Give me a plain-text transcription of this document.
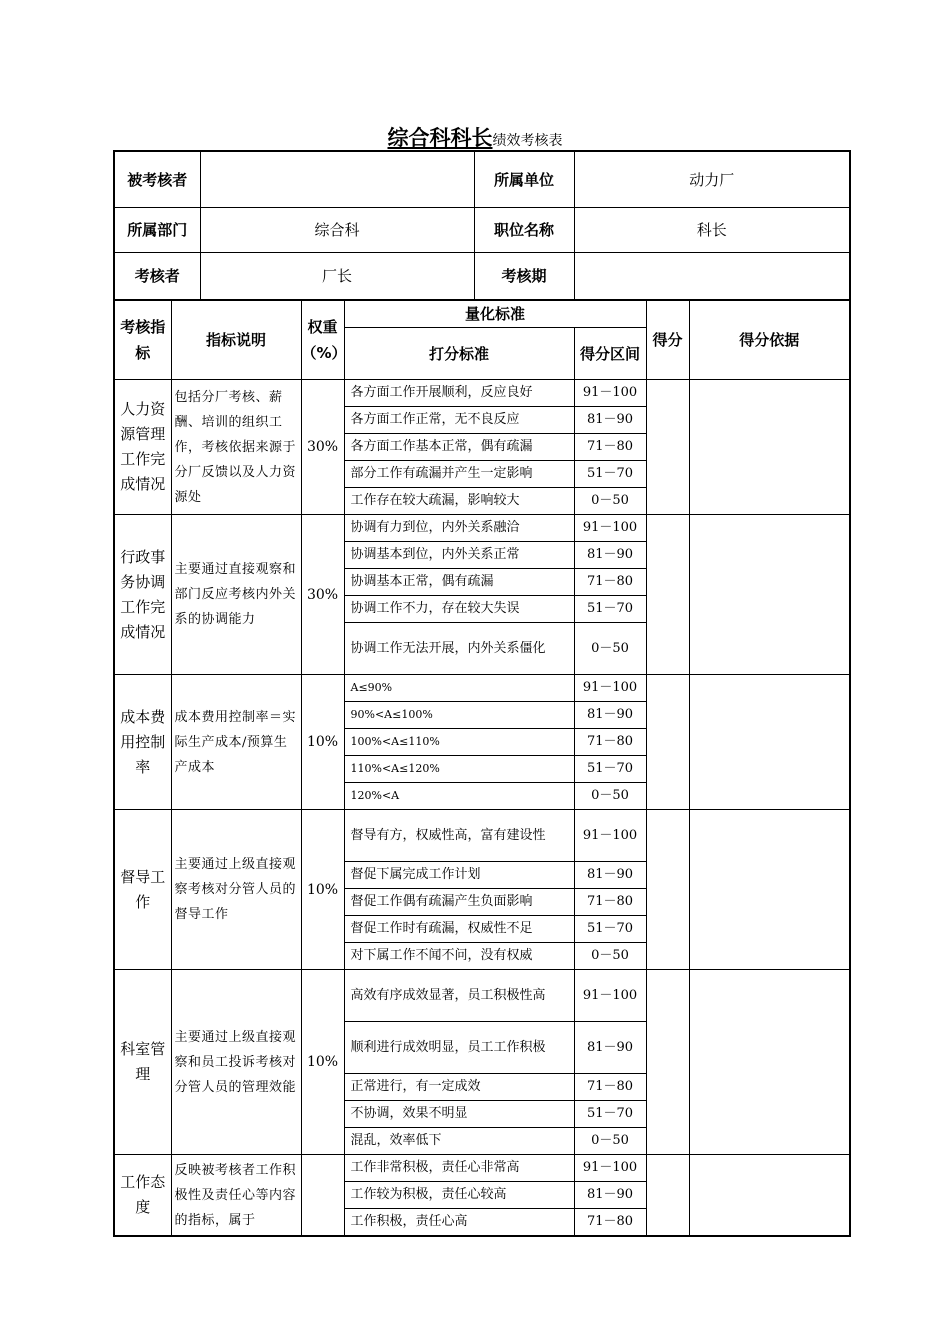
综合科科长绩效考核表
被考核者		所属单位	动力厂
所属部门	综合科	职位名称	科长
考核者	厂长	考核期	
考核指标	指标说明	权重（%）	量化标准		得分	得分依据
			打分标准	得分区间		
人力资源管理工作完成情况	包括分厂考核、薪酬、培训的组织工作，考核依据来源于分厂反馈以及人力资源处	30%	各方面工作开展顺利，反应良好	91－100		
			各方面工作正常，无不良反应	81－90		
			各方面工作基本正常，偶有疏漏	71－80		
			部分工作有疏漏并产生一定影响	51－70		
			工作存在较大疏漏，影响较大	0－50		
行政事务协调工作完成情况	主要通过直接观察和部门反应考核内外关系的协调能力	30%	协调有力到位，内外关系融洽	91－100		
			协调基本到位，内外关系正常	81－90		
			协调基本正常，偶有疏漏	71－80		
			协调工作不力，存在较大失误	51－70		
			协调工作无法开展，内外关系僵化	0－50		
成本费用控制率	成本费用控制率＝实际生产成本/预算生产成本	10%	A≤90%	91－100		
			90%<A≤100%	81－90		
			100%<A≤110%	71－80		
			110%<A≤120%	51－70		
			120%<A	0－50		
督导工作	主要通过上级直接观察考核对分管人员的督导工作	10%	督导有方，权威性高，富有建设性	91－100		
			督促下属完成工作计划	81－90		
			督促工作偶有疏漏产生负面影响	71－80		
			督促工作时有疏漏，权威性不足	51－70		
			对下属工作不闻不问，没有权威	0－50		
科室管理	主要通过上级直接观察和员工投诉考核对分管人员的管理效能	10%	高效有序成效显著，员工积极性高	91－100		
			顺利进行成效明显，员工工作积极	81－90		
			正常进行，有一定成效	71－80		
			不协调，效果不明显	51－70		
			混乱，效率低下	0－50		
工作态度	反映被考核者工作积极性及责任心等内容的指标，属于		工作非常积极，责任心非常高	91－100		
			工作较为积极，责任心较高	81－90		
			工作积极，责任心高	71－80		
